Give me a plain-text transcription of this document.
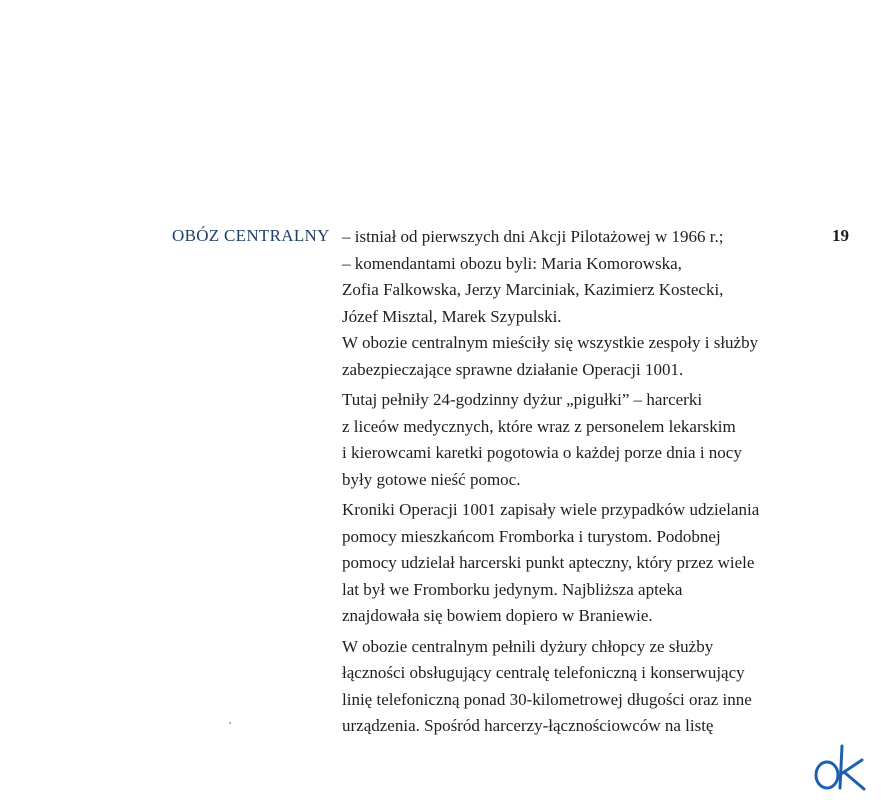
OBÓZ CENTRALNY	19
– istniał od pierwszych dni Akcji Pilotażowej w 1966 r.;
– komendantami obozu byli: Maria Komorowska,
Zofia Falkowska, Jerzy Marciniak, Kazimierz Kostecki,
Józef Misztal, Marek Szypulski.
W obozie centralnym mieściły się wszystkie zespoły i służby
zabezpieczające sprawne działanie Operacji 1001.
Tutaj pełniły 24-godzinny dyżur „pigułki” – harcerki
z liceów medycznych, które wraz z personelem lekarskim
i kierowcami karetki pogotowia o każdej porze dnia i nocy
były gotowe nieść pomoc.
Kroniki Operacji 1001 zapisały wiele przypadków udzielania
pomocy mieszkańcom Fromborka i turystom. Podobnej
pomocy udzielał harcerski punkt apteczny, który przez wiele
lat był we Fromborku jedynym. Najbliższa apteka
znajdowała się bowiem dopiero w Braniewie.
W obozie centralnym pełnili dyżury chłopcy ze służby
łączności obsługujący centralę telefoniczną i konserwujący
linię telefoniczną ponad 30-kilometrowej długości oraz inne
urządzenia. Spośród harcerzy-łącznościowców na listę
